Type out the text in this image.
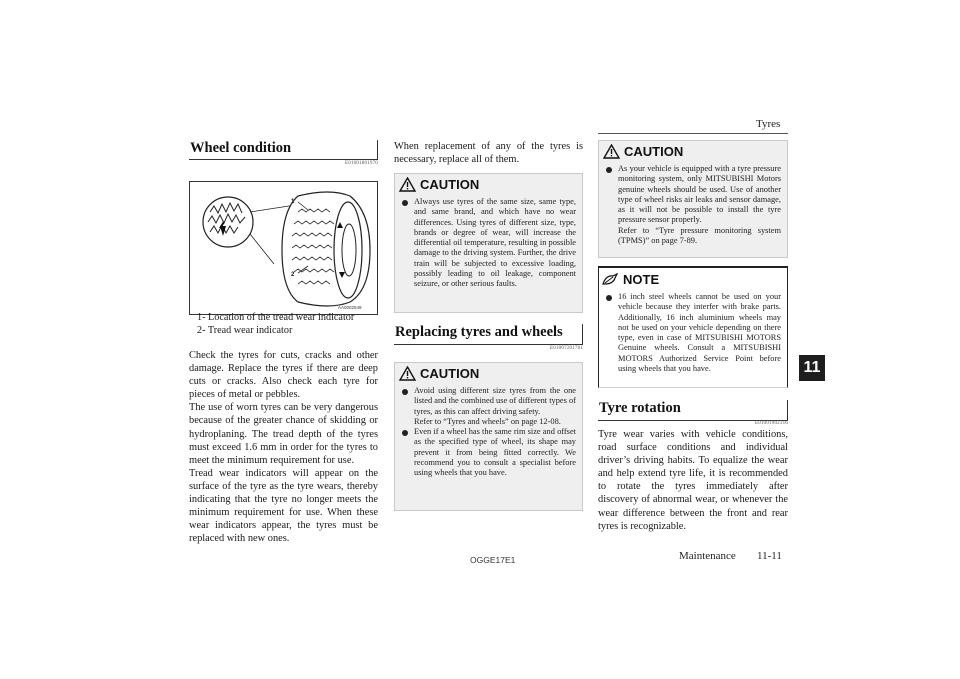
Tyres
11
Wheel condition
E01001801970
1
2
AA0002549
1- Location of the tread wear indicator
2- Tread wear indicator

Check the tyres for cuts, cracks and other damage. Replace the tyres if there are deep cuts or cracks. Also check each tyre for pieces of metal or pebbles.

The use of worn tyres can be very dangerous because of the greater chance of skidding or hydroplaning. The tread depth of the tyres must exceed 1.6 mm in order for the tyres to meet the minimum requirement for use.

Tread wear indicators will appear on the surface of the tyre as the tyre wears, thereby indicating that the tyre no longer meets the minimum requirement for use. When these wear indicators appear, the tyres must be replaced with new ones.

When replacement of any of the tyres is necessary, replace all of them.
CAUTION
Always use tyres of the same size, same type, and same brand, and which have no wear differences. Using tyres of different size, type, brands or degree of wear, will increase the differential oil temperature, resulting in possible damage to the driving system. Further, the drive train will be subjected to excessive loading, possibly leading to oil leakage, component seizure, or other serious faults.
Replacing tyres and wheels
E01007201761
CAUTION

Avoid using different size tyres from the one listed and the combined use of different types of tyres, as this can affect driving safety.

Refer to “Tyres and wheels” on page 12-08.

Even if a wheel has the same rim size and offset as the specified type of wheel, its shape may prevent it from being fitted correctly. We recommend you to consult a specialist before using wheels that you have.

CAUTION

As your vehicle is equipped with a tyre pressure monitoring system, only MITSUBISHI Motors genuine wheels should be used. Use of another type of wheel risks air leaks and sensor damage, as it will not be possible to install the tyre pressure sensor properly.

Refer to “Tyre pressure monitoring system (TPMS)” on page 7-89.

NOTE
16 inch steel wheels cannot be used on your vehicle because they interfer with brake parts. Additionally, 16 inch aluminium wheels may not be used on your vehicle depending on there type, even in case of MITSUBISHI MOTORS Genuine wheels. Consult a MITSUBISHI MOTORS Authorized Service Point before using wheels that you have.
Tyre rotation
E01001902316
Tyre wear varies with vehicle conditions, road surface conditions and individual driver’s driving habits. To equalize the wear and help extend tyre life, it is recommended to rotate the tyres immediately after discovery of abnormal wear, or whenever the wear difference between the front and rear tyres is recognizable.
OGGE17E1	Maintenance 11-11
